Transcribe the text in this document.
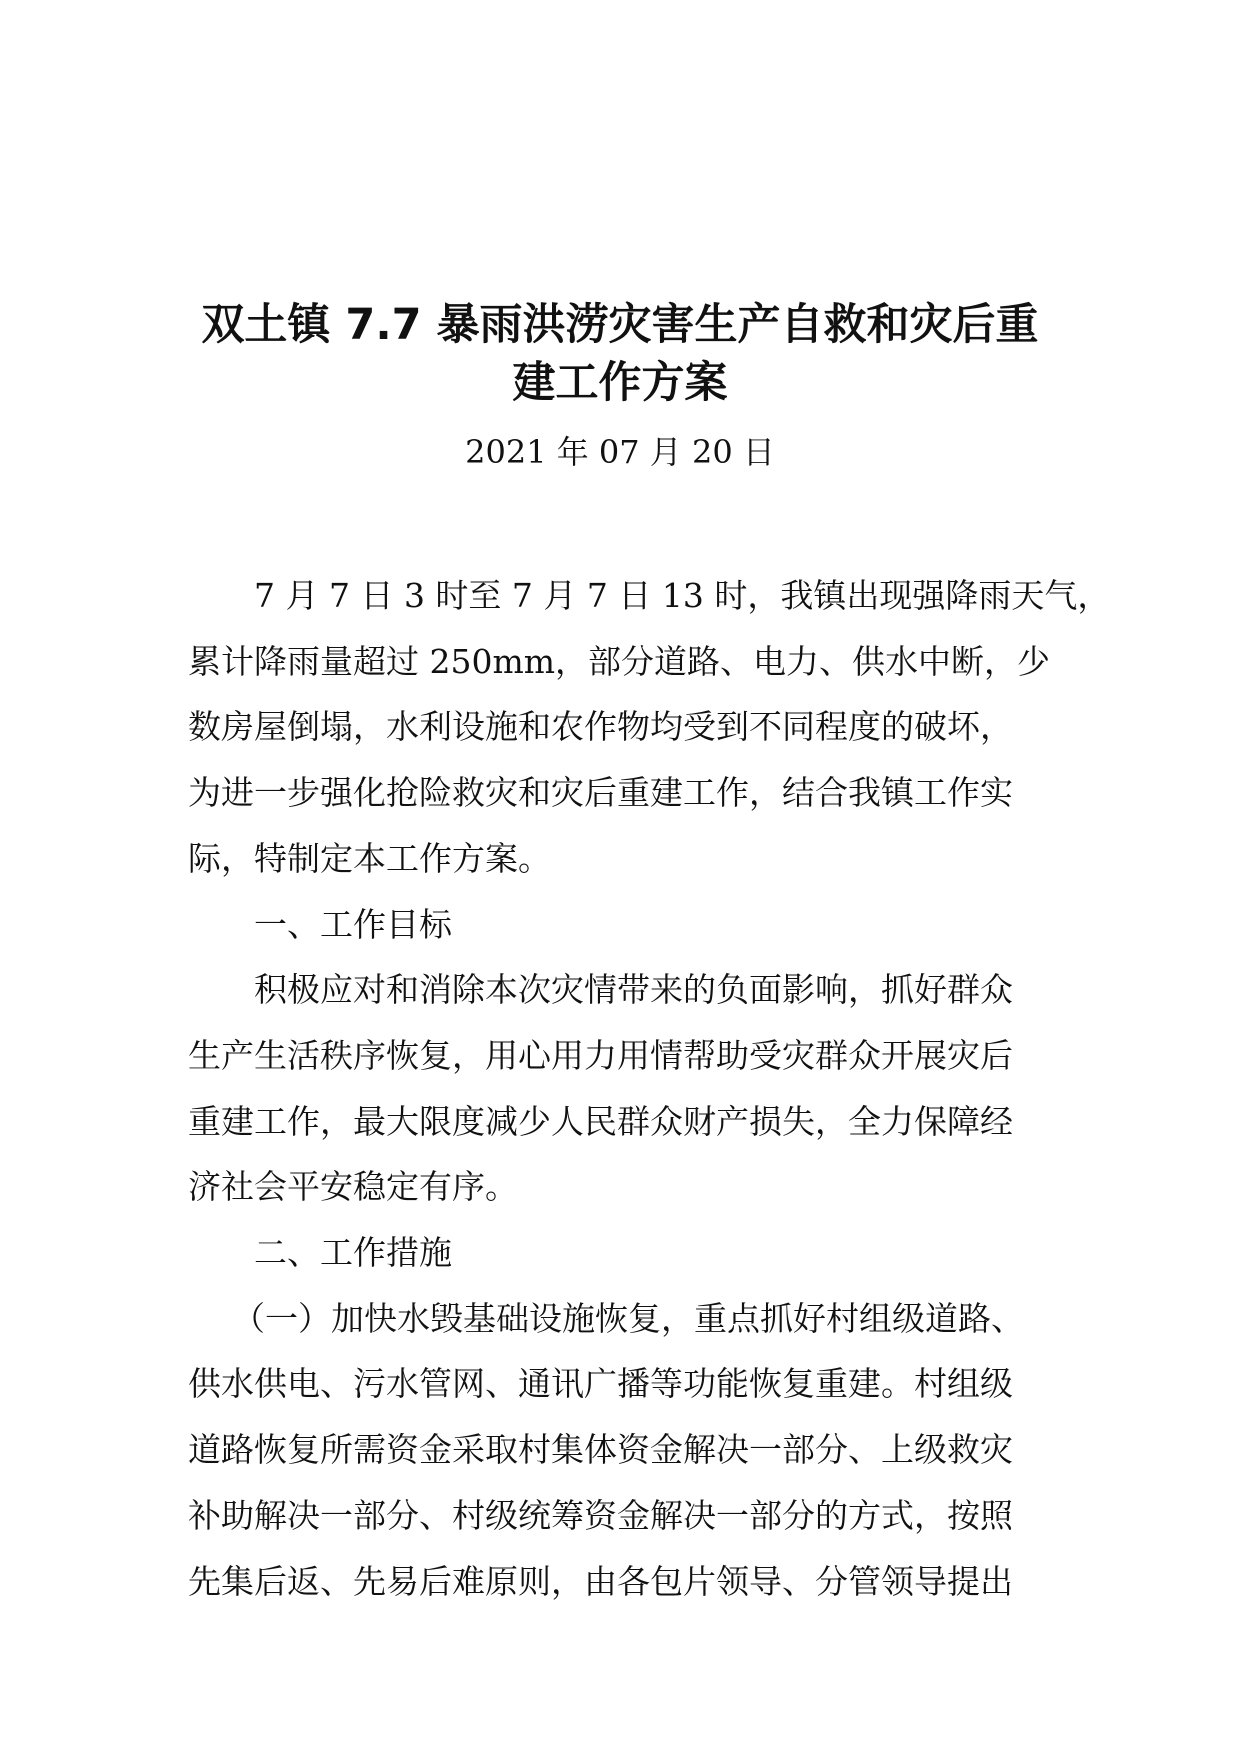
双土镇 7.7 暴雨洪涝灾害生产自救和灾后重
建工作方案

2021 年 07 月 20 日

7 月 7 日 3 时至 7 月 7 日 13 时，我镇出现强降雨天气，
累计降雨量超过 250mm，部分道路、电力、供水中断，少
数房屋倒塌，水利设施和农作物均受到不同程度的破坏，
为进一步强化抢险救灾和灾后重建工作，结合我镇工作实
际，特制定本工作方案。
一、工作目标
积极应对和消除本次灾情带来的负面影响，抓好群众
生产生活秩序恢复，用心用力用情帮助受灾群众开展灾后
重建工作，最大限度减少人民群众财产损失，全力保障经
济社会平安稳定有序。
二、工作措施
（一）加快水毁基础设施恢复，重点抓好村组级道路、
供水供电、污水管网、通讯广播等功能恢复重建。村组级
道路恢复所需资金采取村集体资金解决一部分、上级救灾
补助解决一部分、村级统筹资金解决一部分的方式，按照
先集后返、先易后难原则，由各包片领导、分管领导提出
